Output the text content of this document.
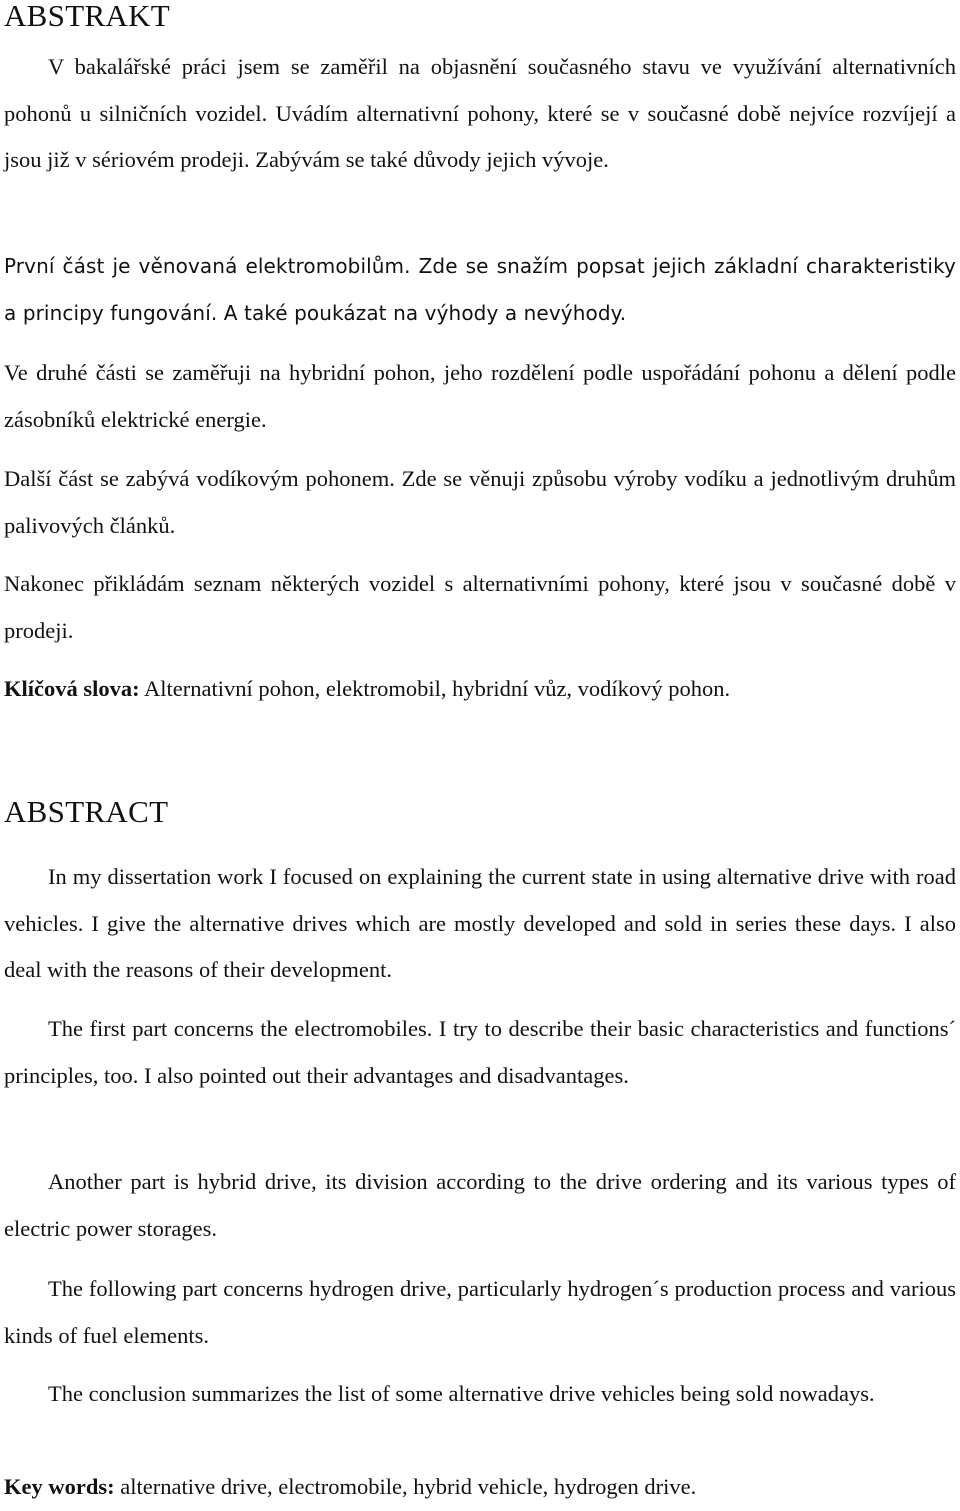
ABSTRAKT

V bakalářské práci jsem se zaměřil na objasnění současného stavu ve využívání alternativních pohonů u silničních vozidel. Uvádím alternativní pohony, které se v současné době nejvíce rozvíjejí a jsou již v sériovém prodeji. Zabývám se také důvody jejich vývoje.

První část je věnovaná elektromobilům. Zde se snažím popsat jejich základní charakteristiky a principy fungování. A také poukázat na výhody a nevýhody.

Ve druhé části se zaměřuji na hybridní pohon, jeho rozdělení podle uspořádání pohonu a dělení podle zásobníků elektrické energie.

Další část se zabývá vodíkovým pohonem. Zde se věnuji způsobu výroby vodíku a jednotlivým druhům palivových článků.

Nakonec přikládám seznam některých vozidel s alternativními pohony, které jsou v současné době v prodeji.

Klíčová slova: Alternativní pohon, elektromobil, hybridní vůz, vodíkový pohon.

ABSTRACT

In my dissertation work I focused on explaining the current state in using alternative drive with road vehicles. I give the alternative drives which are mostly developed and sold in series these days. I also deal with the reasons of their development.

The first part concerns the electromobiles. I try to describe their basic characteristics and functions´ principles, too. I also pointed out their advantages and disadvantages.

Another part is hybrid drive, its division according to the drive ordering and its various types of electric power storages.

The following part concerns hydrogen drive, particularly hydrogen´s production process and various kinds of fuel elements.

The conclusion summarizes the list of some alternative drive vehicles being sold nowadays.

Key words: alternative drive, electromobile, hybrid vehicle, hydrogen drive.
